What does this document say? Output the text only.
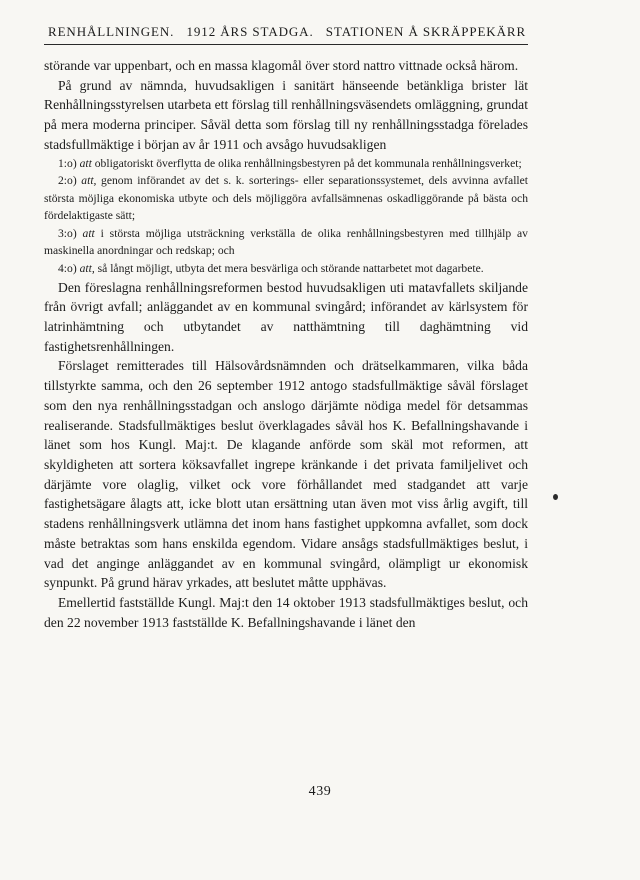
RENHÅLLNINGEN. 1912 ÅRS STADGA. STATIONEN Å SKRÄPPEKÄRR

störande var uppenbart, och en massa klagomål över stord nattro vittnade också härom.

På grund av nämnda, huvudsakligen i sanitärt hänseende betänkliga brister lät Renhållningsstyrelsen utarbeta ett förslag till renhållningsväsendets omläggning, grundat på mera moderna principer. Såväl detta som förslag till ny renhållningsstadga förelades stadsfullmäktige i början av år 1911 och avsågo huvudsakligen

1:o) att obligatoriskt överflytta de olika renhållningsbestyren på det kommunala renhållningsverket;

2:o) att, genom införandet av det s. k. sorterings- eller separationssystemet, dels avvinna avfallet största möjliga ekonomiska utbyte och dels möjliggöra avfallsämnenas oskadliggörande på bästa och fördelaktigaste sätt;

3:o) att i största möjliga utsträckning verkställa de olika renhållningsbestyren med tillhjälp av maskinella anordningar och redskap; och

4:o) att, så långt möjligt, utbyta det mera besvärliga och störande nattarbetet mot dagarbete.

Den föreslagna renhållningsreformen bestod huvudsakligen uti matavfallets skiljande från övrigt avfall; anläggandet av en kommunal svingård; införandet av kärlsystem för latrinhämtning och utbytandet av natthämtning till daghämtning vid fastighetsrenhållningen.

Förslaget remitterades till Hälsovårdsnämnden och drätselkammaren, vilka båda tillstyrkte samma, och den 26 september 1912 antogo stadsfullmäktige såväl förslaget som den nya renhållningsstadgan och anslogo därjämte nödiga medel för detsammas realiserande. Stadsfullmäktiges beslut överklagades såväl hos K. Befallningshavande i länet som hos Kungl. Maj:t. De klagande anförde som skäl mot reformen, att skyldigheten att sortera köksavfallet ingrepe kränkande i det privata familjelivet och därjämte vore olaglig, vilket ock vore förhållandet med stadgandet att varje fastighetsägare ålagts att, icke blott utan ersättning utan även mot viss årlig avgift, till stadens renhållningsverk utlämna det inom hans fastighet uppkomna avfallet, som dock måste betraktas som hans enskilda egendom. Vidare ansågs stadsfullmäktiges beslut, i vad det anginge anläggandet av en kommunal svingård, olämpligt ur ekonomisk synpunkt. På grund härav yrkades, att beslutet måtte upphävas.

Emellertid fastställde Kungl. Maj:t den 14 oktober 1913 stadsfullmäktiges beslut, och den 22 november 1913 fastställde K. Befallningshavande i länet den

439
